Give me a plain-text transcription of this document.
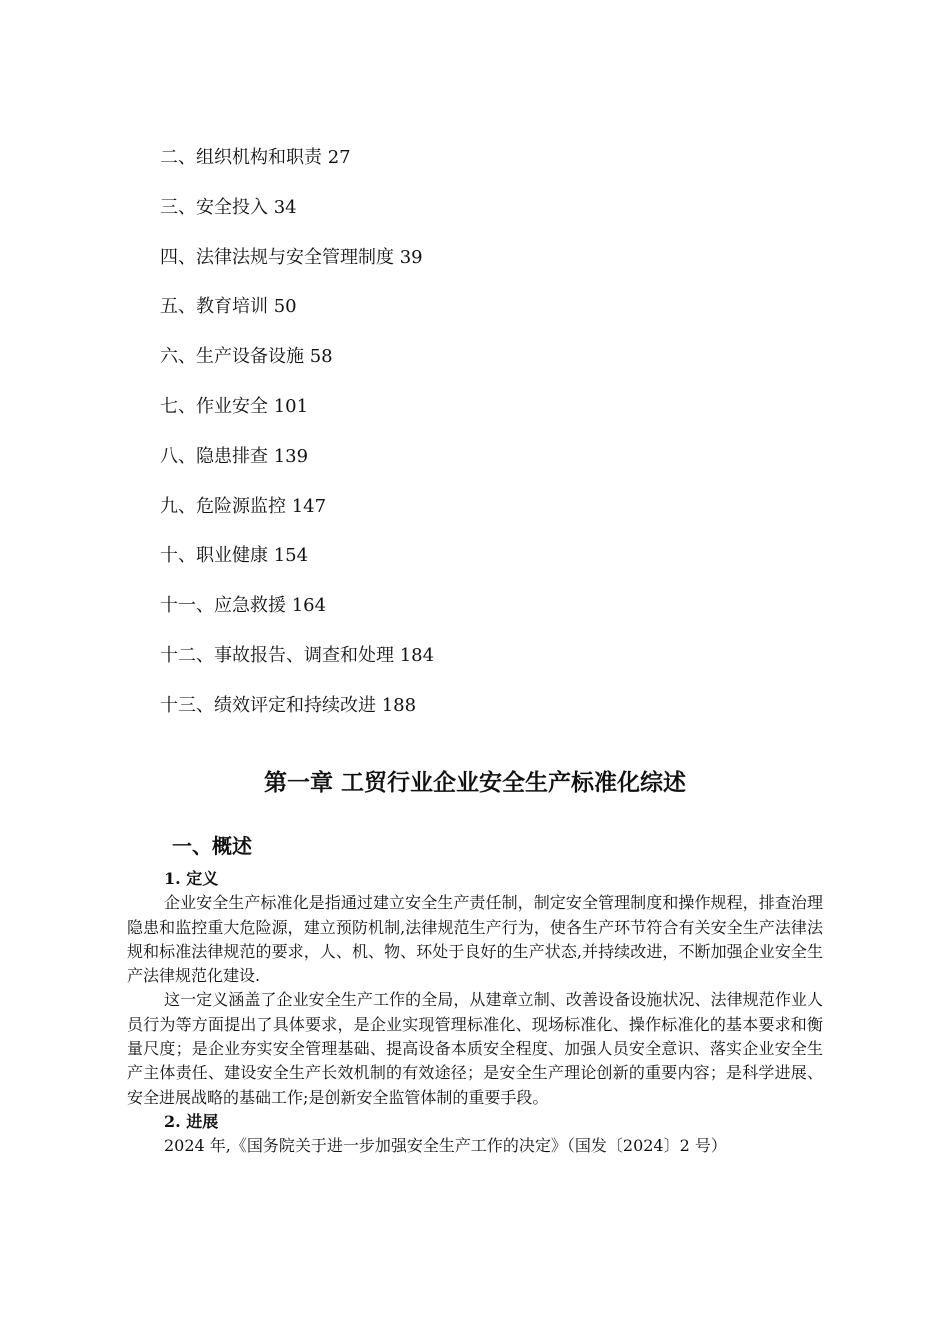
二、组织机构和职责 27
三、安全投入 34
四、法律法规与安全管理制度 39
五、教育培训 50
六、生产设备设施 58
七、作业安全 101
八、隐患排查 139
九、危险源监控 147
十、职业健康 154
十一、应急救援 164
十二、事故报告、调查和处理 184
十三、绩效评定和持续改进 188
第一章 工贸行业企业安全生产标准化综述
一、概述
1. 定义

企业安全生产标准化是指通过建立安全生产责任制，制定安全管理制度和操作规程，排查治理隐患和监控重大危险源，建立预防机制,法律规范生产行为，使各生产环节符合有关安全生产法律法规和标准法律规范的要求，人、机、物、环处于良好的生产状态,并持续改进，不断加强企业安全生产法律规范化建设.

这一定义涵盖了企业安全生产工作的全局，从建章立制、改善设备设施状况、法律规范作业人员行为等方面提出了具体要求，是企业实现管理标准化、现场标准化、操作标准化的基本要求和衡量尺度；是企业夯实安全管理基础、提高设备本质安全程度、加强人员安全意识、落实企业安全生产主体责任、建设安全生产长效机制的有效途径；是安全生产理论创新的重要内容；是科学进展、安全进展战略的基础工作;是创新安全监管体制的重要手段。

2. 进展

2024 年,《国务院关于进一步加强安全生产工作的决定》（国发〔2024〕2 号）
